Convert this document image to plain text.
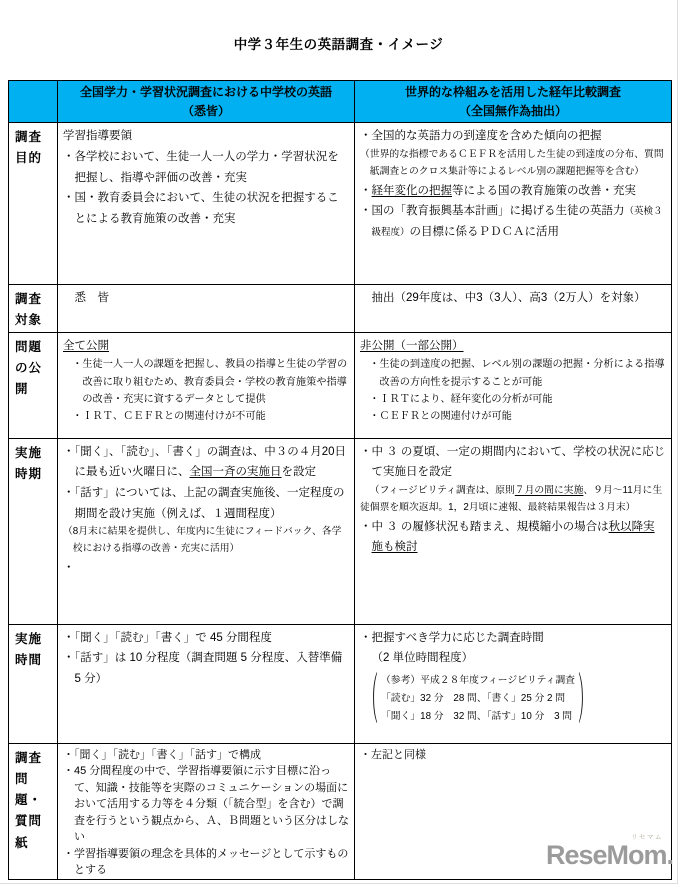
中学３年生の英語調査・イメージ

全国学力・学習状況調査における中学校の英語
（悉皆）

世界的な枠組みを活用した経年比較調査
（全国無作為抽出）

調査
目的

学習指導要領
・各学校において、生徒一人一人の学力・学習状況を把握し、指導や評価の改善・充実
・国・教育委員会において、生徒の状況を把握することによる教育施策の改善・充実

・全国的な英語力の到達度を含めた傾向の把握
（世界的な指標であるＣＥＦＲを活用した生徒の到達度の分布、質問紙調査とのクロス集計等によるレベル別の課題把握等を含む）
・経年変化の把握等による国の教育施策の改善・充実
・国の「教育振興基本計画」に掲げる生徒の英語力（英検３級程度）の目標に係るＰＤＣＡに活用

調査
対象	悉　皆	抽出（29年度は、中3（3人）、高3（2万人）を対象）

問題
の公
開

全て公開
・生徒一人一人の課題を把握し、教員の指導と生徒の学習の改善に取り組むため、教育委員会・学校の教育施策や指導の改善・充実に資するデータとして提供
・ＩＲＴ、ＣＥＦＲとの関連付けが不可能

非公開（一部公開）
・生徒の到達度の把握、レベル別の課題の把握・分析による指導改善の方向性を提示することが可能
・ＩＲＴにより、経年変化の分析が可能
・ＣＥＦＲとの関連付けが可能

実施
時期

・「聞く」、「読む」、「書く」の調査は、中３の４月20日に最も近い火曜日に、全国一斉の実施日を設定
・「話す」については、上記の調査実施後、一定程度の期間を設け実施（例えば、１週間程度）
（8月末に結果を提供し、年度内に生徒にフィードバック、各学校における指導の改善・充実に活用）
・

・中 ３ の夏頃、一定の期間内において、学校の状況に応じて実施日を設定
（フィージビリティ調査は、原則７月の間に実施、９月～11月に生徒個票を順次返却。1，2月頃に速報、最終結果報告は３月末）
・中 ３ の履修状況も踏まえ、規模縮小の場合は秋以降実施も検討

実施
時間

・「聞く」「読む」「書く」で 45 分間程度
・「話す」は 10 分程度（調査問題 5 分程度、入替準備 5 分）

・把握すべき学力に応じた調査時間
（2 単位時間程度）
（ （参考）平成２８年度フィージビリティ調査
「読む」32 分　28 問、「書く」25 分 2 問
「聞く」18 分　32 問、「話す」10 分　3 問 ）

調査
問題・
質問
紙

・「聞く」「読む」「書く」「話す」で構成
・45 分間程度の中で、学習指導要領に示す目標に沿って、知識・技能等を実際のコミュニケーションの場面において活用する力等を４分類（「統合型」を含む）で調査を行うという観点から、Ａ、Ｂ問題という区分はしない
・学習指導要領の理念を具体的メッセージとして示すものとする

・左記と同様
リセマム
ReseMom.
